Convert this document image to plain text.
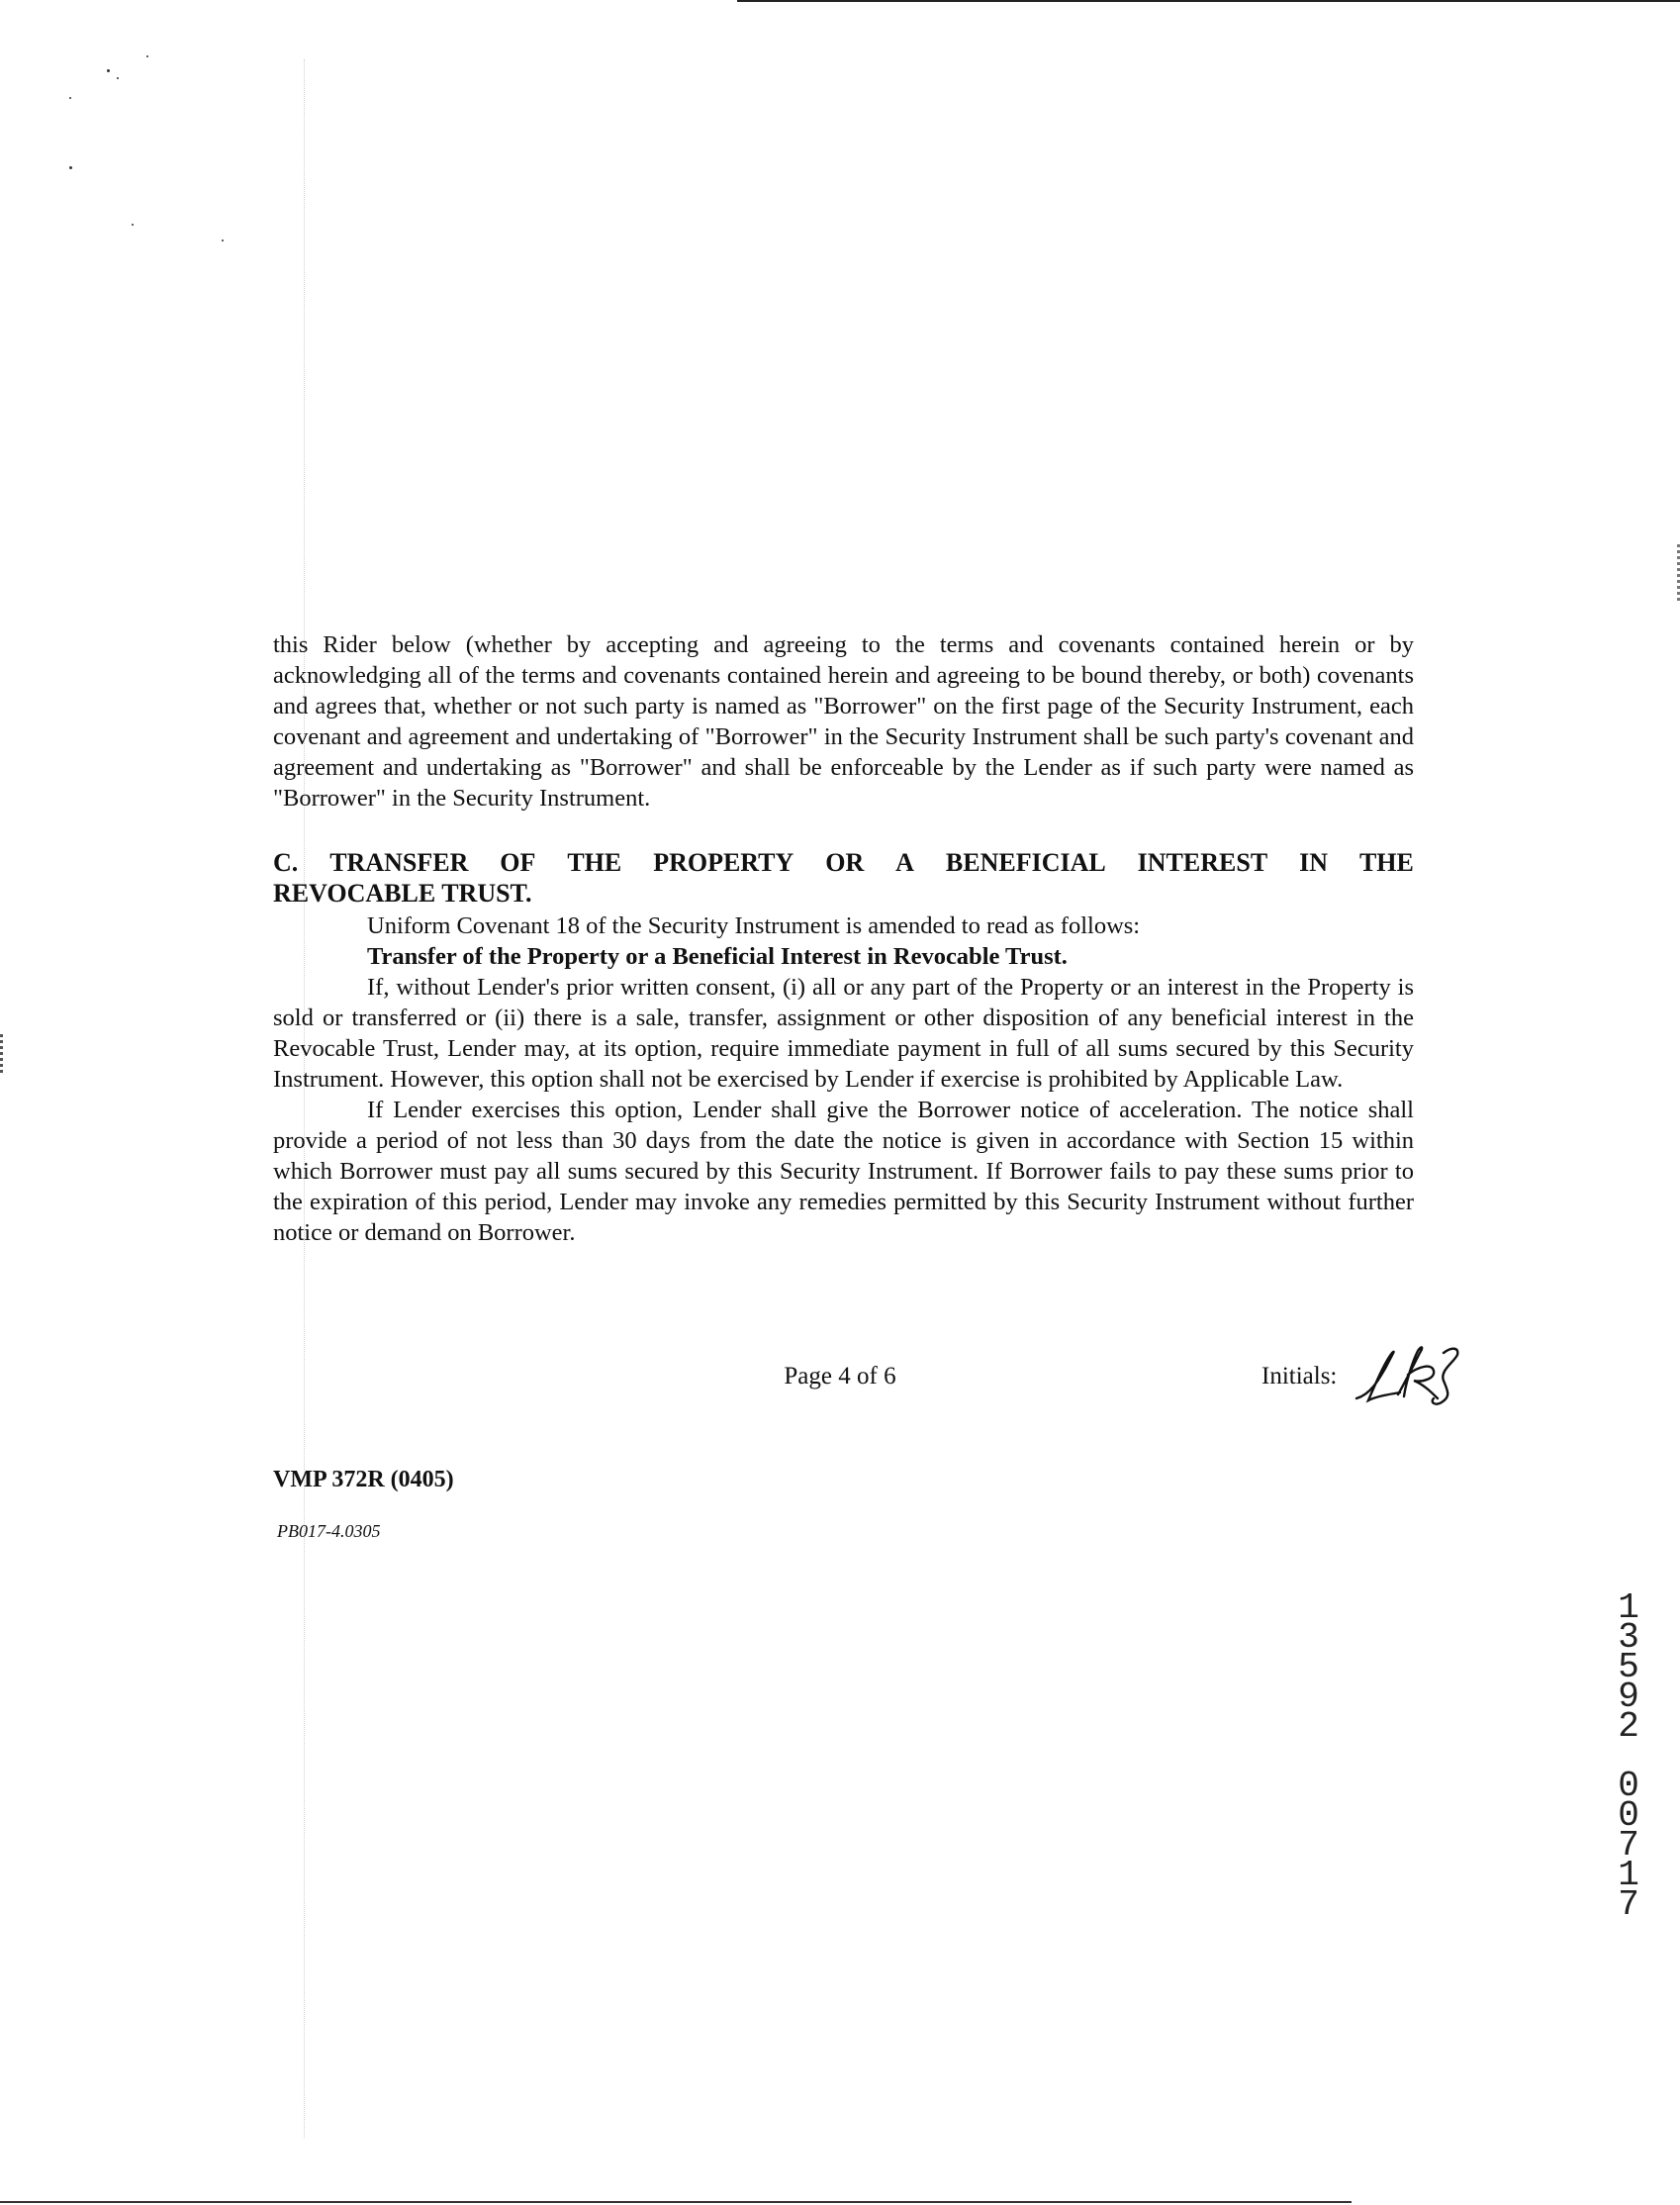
this Rider below (whether by accepting and agreeing to the terms and covenants contained herein or by acknowledging all of the terms and covenants contained herein and agreeing to be bound thereby, or both) covenants and agrees that, whether or not such party is named as "Borrower" on the first page of the Security Instrument, each covenant and agreement and undertaking of "Borrower" in the Security Instrument shall be such party's covenant and agreement and undertaking as "Borrower" and shall be enforceable by the Lender as if such party were named as "Borrower" in the Security Instrument.

C. TRANSFER OF THE PROPERTY OR A BENEFICIAL INTEREST IN THE
REVOCABLE TRUST.

Uniform Covenant 18 of the Security Instrument is amended to read as follows:

Transfer of the Property or a Beneficial Interest in Revocable Trust.

If, without Lender's prior written consent, (i) all or any part of the Property or an interest in the Property is sold or transferred or (ii) there is a sale, transfer, assignment or other disposition of any beneficial interest in the Revocable Trust, Lender may, at its option, require immediate payment in full of all sums secured by this Security Instrument. However, this option shall not be exercised by Lender if exercise is prohibited by Applicable Law.

If Lender exercises this option, Lender shall give the Borrower notice of acceleration. The notice shall provide a period of not less than 30 days from the date the notice is given in accordance with Section 15 within which Borrower must pay all sums secured by this Security Instrument. If Borrower fails to pay these sums prior to the expiration of this period, Lender may invoke any remedies permitted by this Security Instrument without further notice or demand on Borrower.

Page 4 of 6	Initials:
VMP 372R (0405)
PB017-4.0305
1
3
5
9
2

0
0
7
1
7
